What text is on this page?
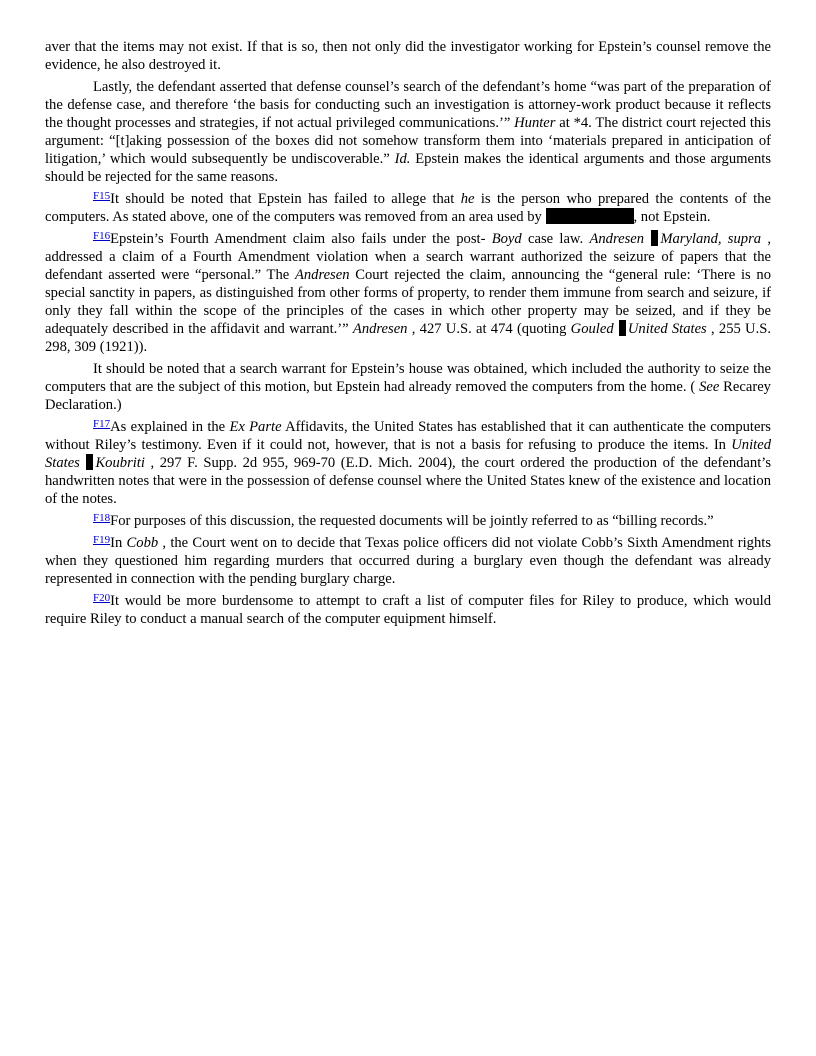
aver that the items may not exist. If that is so, then not only did the investigator working for Epstein’s counsel remove the evidence, he also destroyed it.

Lastly, the defendant asserted that defense counsel’s search of the defendant’s home “was part of the preparation of the defense case, and therefore ‘the basis for conducting such an investigation is attorney-work product because it reflects the thought processes and strategies, if not actual privileged communications.’” Hunter at *4. The district court rejected this argument: “[t]aking possession of the boxes did not somehow transform them into ‘materials prepared in anticipation of litigation,’ which would subsequently be undiscoverable.” Id. Epstein makes the identical arguments and those arguments should be rejected for the same reasons.

$^{F15}$It should be noted that Epstein has failed to allege that he is the person who prepared the contents of the computers. As stated above, one of the computers was removed from an area used by	, not Epstein.

$^{F16}$Epstein’s Fourth Amendment claim also fails under the post- Boyd case law. Andresen Maryland, supra , addressed a claim of a Fourth Amendment violation when a search warrant authorized the seizure of papers that the defendant asserted were “personal.” The Andresen Court rejected the claim, announcing the “general rule: ‘There is no special sanctity in papers, as distinguished from other forms of property, to render them immune from search and seizure, if only they fall within the scope of the principles of the cases in which other property may be seized, and if they be adequately described in the affidavit and warrant.’” Andresen , 427 U.S. at 474 (quoting Gouled United States , 255 U.S. 298, 309 (1921)).

It should be noted that a search warrant for Epstein’s house was obtained, which included the authority to seize the computers that are the subject of this motion, but Epstein had already removed the computers from the home. ( See Recarey Declaration.)

$^{F17}$As explained in the Ex Parte Affidavits, the United States has established that it can authenticate the computers without Riley’s testimony. Even if it could not, however, that is not a basis for refusing to produce the items. In United States Koubriti , 297 F. Supp. 2d 955, 969-70 (E.D. Mich. 2004), the court ordered the production of the defendant’s handwritten notes that were in the possession of defense counsel where the United States knew of the existence and location of the notes.

$^{F18}$For purposes of this discussion, the requested documents will be jointly referred to as “billing records.”

$^{F19}$In Cobb , the Court went on to decide that Texas police officers did not violate Cobb’s Sixth Amendment rights when they questioned him regarding murders that occurred during a burglary even though the defendant was already represented in connection with the pending burglary charge.

$^{F20}$It would be more burdensome to attempt to craft a list of computer files for Riley to produce, which would require Riley to conduct a manual search of the computer equipment himself.
